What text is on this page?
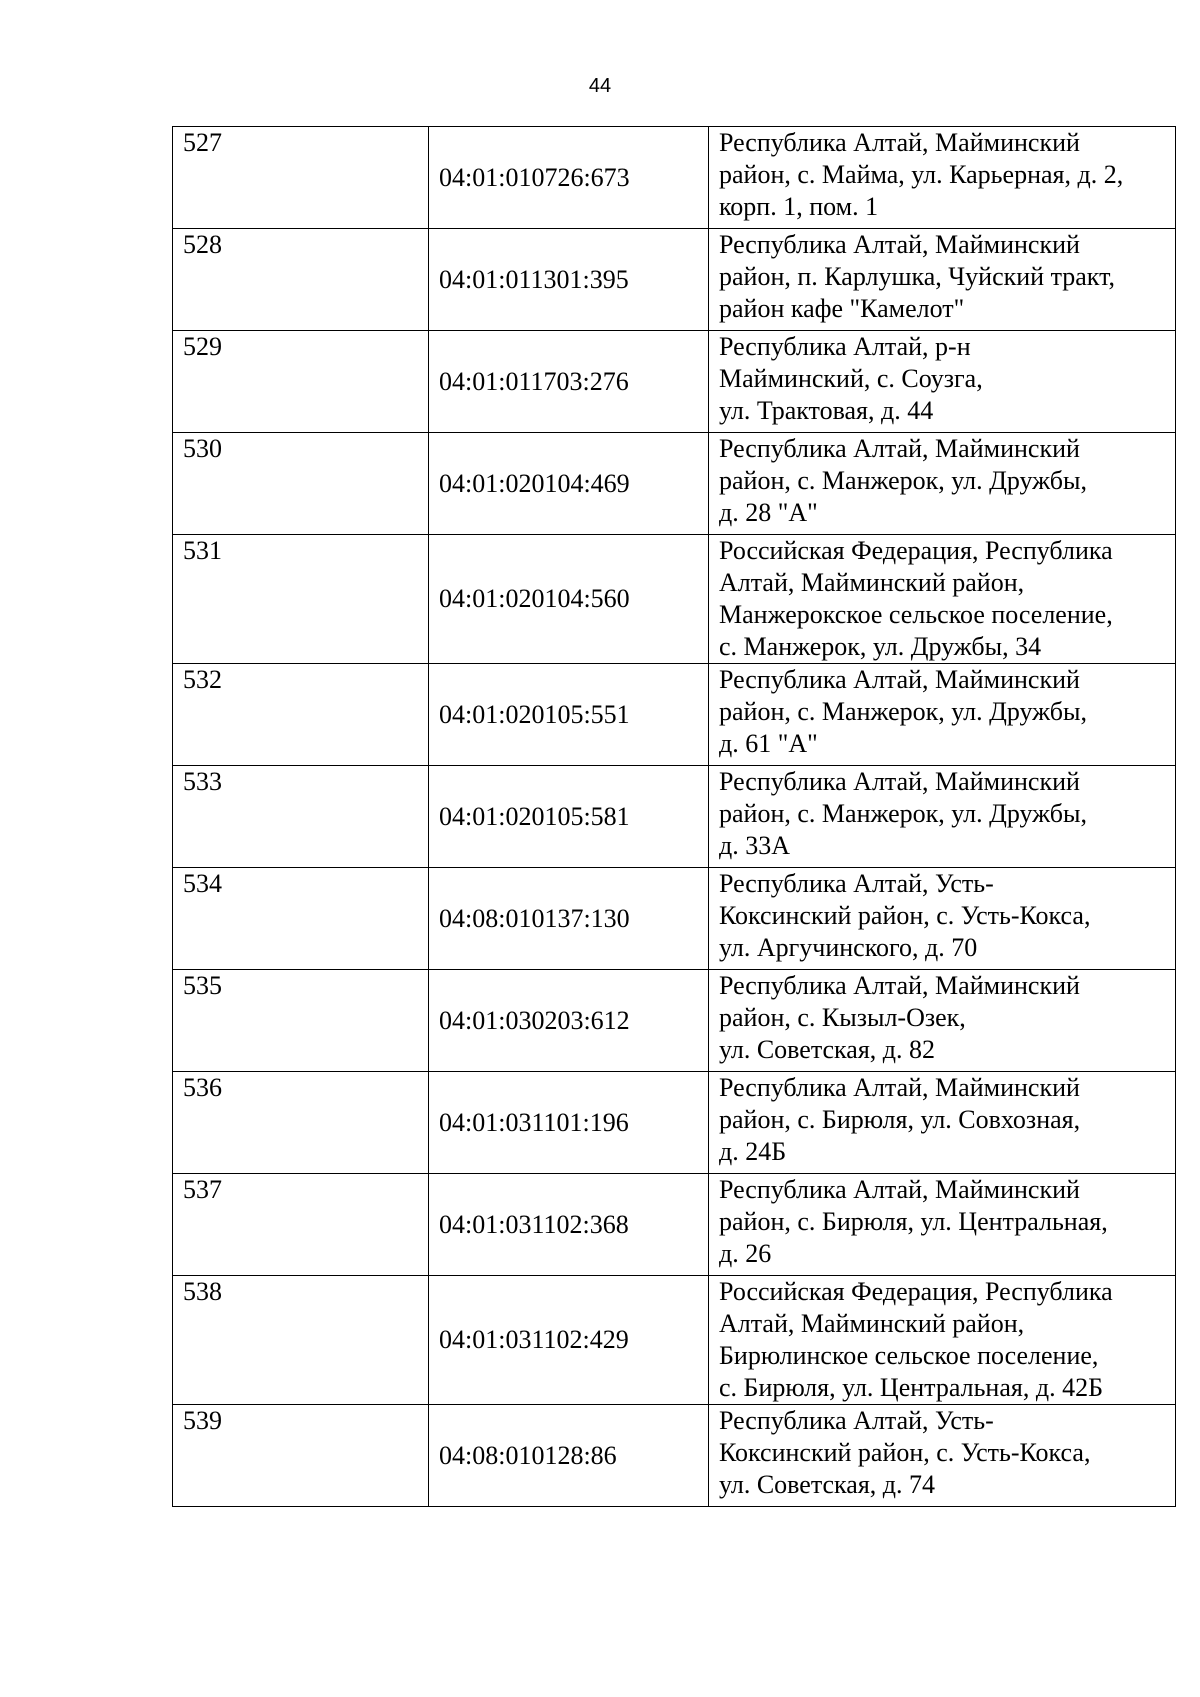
44
527	04:01:010726:673	Республика Алтай, Майминский
район, с. Майма, ул. Карьерная, д. 2,
корп. 1, пом. 1

528	04:01:011301:395	Республика Алтай, Майминский
район, п. Карлушка, Чуйский тракт,
район кафе "Камелот"

529	04:01:011703:276	Республика Алтай, р-н
Майминский, с. Соузга,
ул. Трактовая, д. 44

530	04:01:020104:469	Республика Алтай, Майминский
район, с. Манжерок, ул. Дружбы,
д. 28 "А"

531	04:01:020104:560	Российская Федерация, Республика
Алтай, Майминский район,
Манжерокское сельское поселение,
с. Манжерок, ул. Дружбы, 34

532	04:01:020105:551	Республика Алтай, Майминский
район, с. Манжерок, ул. Дружбы,
д. 61 "А"

533	04:01:020105:581	Республика Алтай, Майминский
район, с. Манжерок, ул. Дружбы,
д. 33А

534	04:08:010137:130	Республика Алтай, Усть-
Коксинский район, с. Усть-Кокса,
ул. Аргучинского, д. 70

535	04:01:030203:612	Республика Алтай, Майминский
район, с. Кызыл-Озек,
ул. Советская, д. 82

536	04:01:031101:196	Республика Алтай, Майминский
район, с. Бирюля, ул. Совхозная,
д. 24Б

537	04:01:031102:368	Республика Алтай, Майминский
район, с. Бирюля, ул. Центральная,
д. 26

538	04:01:031102:429	Российская Федерация, Республика
Алтай, Майминский район,
Бирюлинское сельское поселение,
с. Бирюля, ул. Центральная, д. 42Б

539	04:08:010128:86	Республика Алтай, Усть-
Коксинский район, с. Усть-Кокса,
ул. Советская, д. 74
